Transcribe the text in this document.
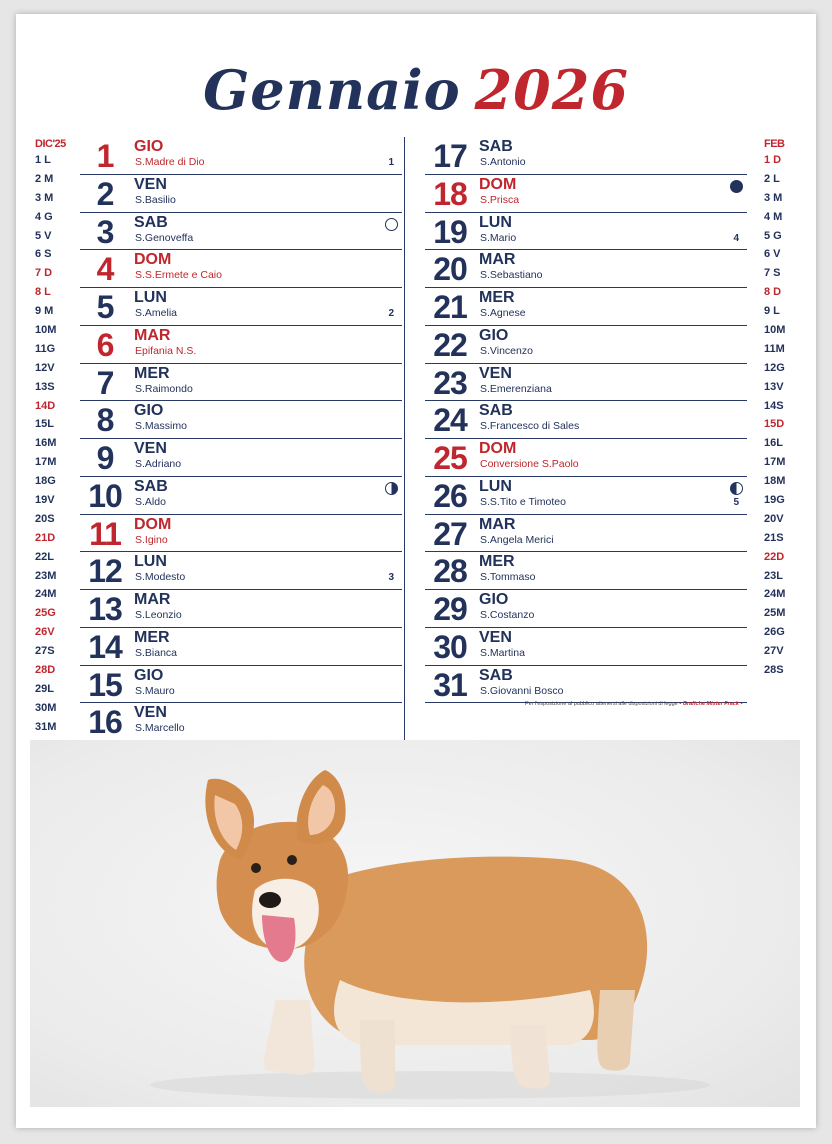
Gennaio 2026
DIC'25
1 L
2 M
3 M
4 G
5 V
6 S
7 D
8 L
9 M
10M
11G
12V
13S
14D
15L
16M
17M
18G
19V
20S
21D
22L
23M
24M
25G
26V
27S
28D
29L
30M
31M
FEB
1 D
2 L
3 M
4 M
5 G
6 V
7 S
8 D
9 L
10M
11M
12G
13V
14S
15D
16L
17M
18M
19G
20V
21S
22D
23L
24M
25M
26G
27V
28S
1	GIO
S.Madre di Dio	1
2	VEN
S.Basilio
3	SAB
S.Genoveffa
4	DOM
S.S.Ermete e Caio
5	LUN
S.Amelia	2
6	MAR
Epifania N.S.
7	MER
S.Raimondo
8	GIO
S.Massimo
9	VEN
S.Adriano
10 SAB
S.Aldo
11 DOM
S.Igino
12 LUN
S.Modesto	3
13 MAR
S.Leonzio
14 MER
S.Bianca
15 GIO
S.Mauro
16 VEN
S.Marcello
17 SAB
S.Antonio
18 DOM
S.Prisca
19 LUN
S.Mario	4
20 MAR
S.Sebastiano
21 MER
S.Agnese
22 GIO
S.Vincenzo
23 VEN
S.Emerenziana
24 SAB
S.Francesco di Sales
25 DOM
Conversione S.Paolo
26 LUN
S.S.Tito e Timoteo	5
27 MAR
S.Angela Merici
28 MER
S.Tommaso
29 GIO
S.Costanzo
30 VEN
S.Martina
31 SAB
S.Giovanni Bosco
Per l'esposizione al pubblico attenersi alle disposizioni di legge • Grafiche Mister Frack •
